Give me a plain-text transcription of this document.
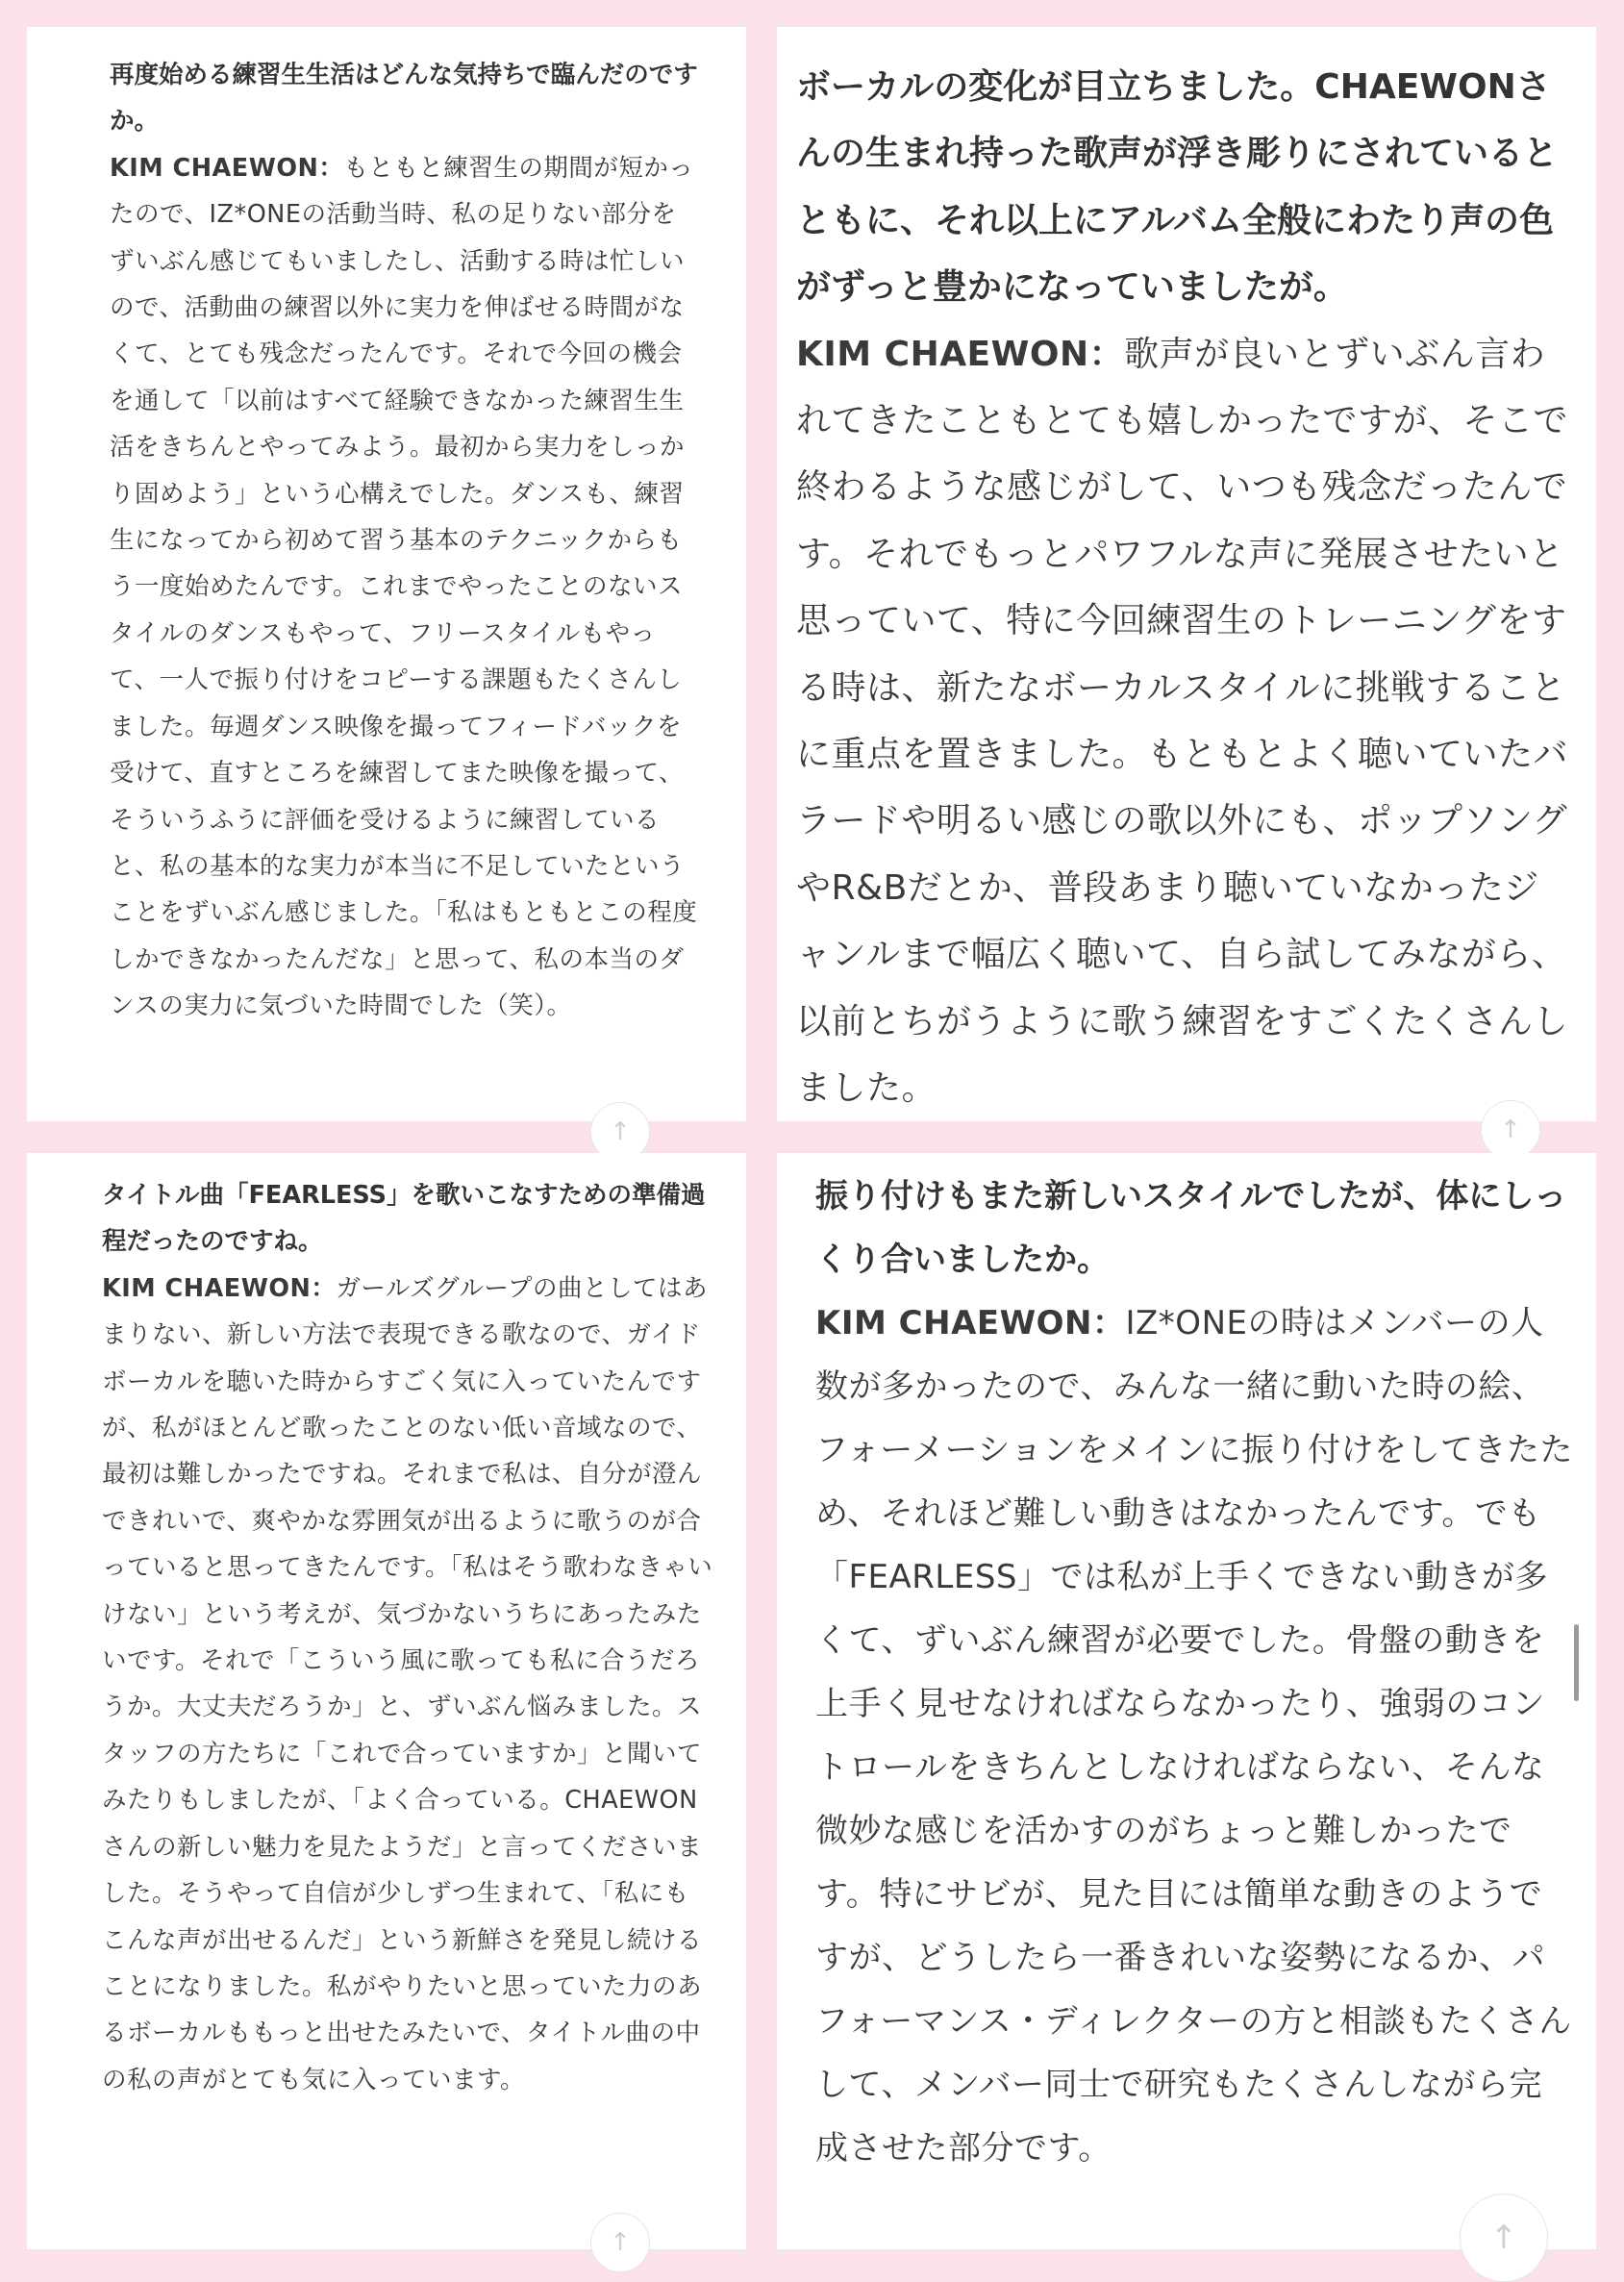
再度始める練習生生活はどんな気持ちで臨んだのですか。

KIM CHAEWON：もともと練習生の期間が短かったので、IZ*ONEの活動当時、私の足りない部分をずいぶん感じてもいましたし、活動する時は忙しいので、活動曲の練習以外に実力を伸ばせる時間がなくて、とても残念だったんです。それで今回の機会を通して「以前はすべて経験できなかった練習生生活をきちんとやってみよう。最初から実力をしっかり固めよう」という心構えでした。ダンスも、練習生になってから初めて習う基本のテクニックからもう一度始めたんです。これまでやったことのないスタイルのダンスもやって、フリースタイルもやって、一人で振り付けをコピーする課題もたくさんしました。毎週ダンス映像を撮ってフィードバックを受けて、直すところを練習してまた映像を撮って、そういうふうに評価を受けるように練習していると、私の基本的な実力が本当に不足していたということをずいぶん感じました。「私はもともとこの程度しかできなかったんだな」と思って、私の本当のダンスの実力に気づいた時間でした（笑）。

↑

ボーカルの変化が目立ちました。CHAEWONさんの生まれ持った歌声が浮き彫りにされているとともに、それ以上にアルバム全般にわたり声の色がずっと豊かになっていましたが。

KIM CHAEWON：歌声が良いとずいぶん言われてきたこともとても嬉しかったですが、そこで終わるような感じがして、いつも残念だったんです。それでもっとパワフルな声に発展させたいと思っていて、特に今回練習生のトレーニングをする時は、新たなボーカルスタイルに挑戦することに重点を置きました。もともとよく聴いていたバラードや明るい感じの歌以外にも、ポップソングやR&Bだとか、普段あまり聴いていなかったジャンルまで幅広く聴いて、自ら試してみながら、以前とちがうように歌う練習をすごくたくさんしました。

↑

タイトル曲「FEARLESS」を歌いこなすための準備過程だったのですね。

KIM CHAEWON：ガールズグループの曲としてはあまりない、新しい方法で表現できる歌なので、ガイドボーカルを聴いた時からすごく気に入っていたんですが、私がほとんど歌ったことのない低い音域なので、最初は難しかったですね。それまで私は、自分が澄んできれいで、爽やかな雰囲気が出るように歌うのが合っていると思ってきたんです。「私はそう歌わなきゃいけない」という考えが、気づかないうちにあったみたいです。それで「こういう風に歌っても私に合うだろうか。大丈夫だろうか」と、ずいぶん悩みました。スタッフの方たちに「これで合っていますか」と聞いてみたりもしましたが、「よく合っている。CHAEWONさんの新しい魅力を見たようだ」と言ってくださいました。そうやって自信が少しずつ生まれて、「私にもこんな声が出せるんだ」という新鮮さを発見し続けることになりました。私がやりたいと思っていた力のあるボーカルももっと出せたみたいで、タイトル曲の中の私の声がとても気に入っています。

↑

振り付けもまた新しいスタイルでしたが、体にしっくり合いましたか。

KIM CHAEWON：IZ*ONEの時はメンバーの人数が多かったので、みんな一緒に動いた時の絵、フォーメーションをメインに振り付けをしてきたため、それほど難しい動きはなかったんです。でも「FEARLESS」では私が上手くできない動きが多くて、ずいぶん練習が必要でした。骨盤の動きを上手く見せなければならなかったり、強弱のコントロールをきちんとしなければならない、そんな微妙な感じを活かすのがちょっと難しかったです。特にサビが、見た目には簡単な動きのようですが、どうしたら一番きれいな姿勢になるか、パフォーマンス・ディレクターの方と相談もたくさんして、メンバー同士で研究もたくさんしながら完成させた部分です。

↑
